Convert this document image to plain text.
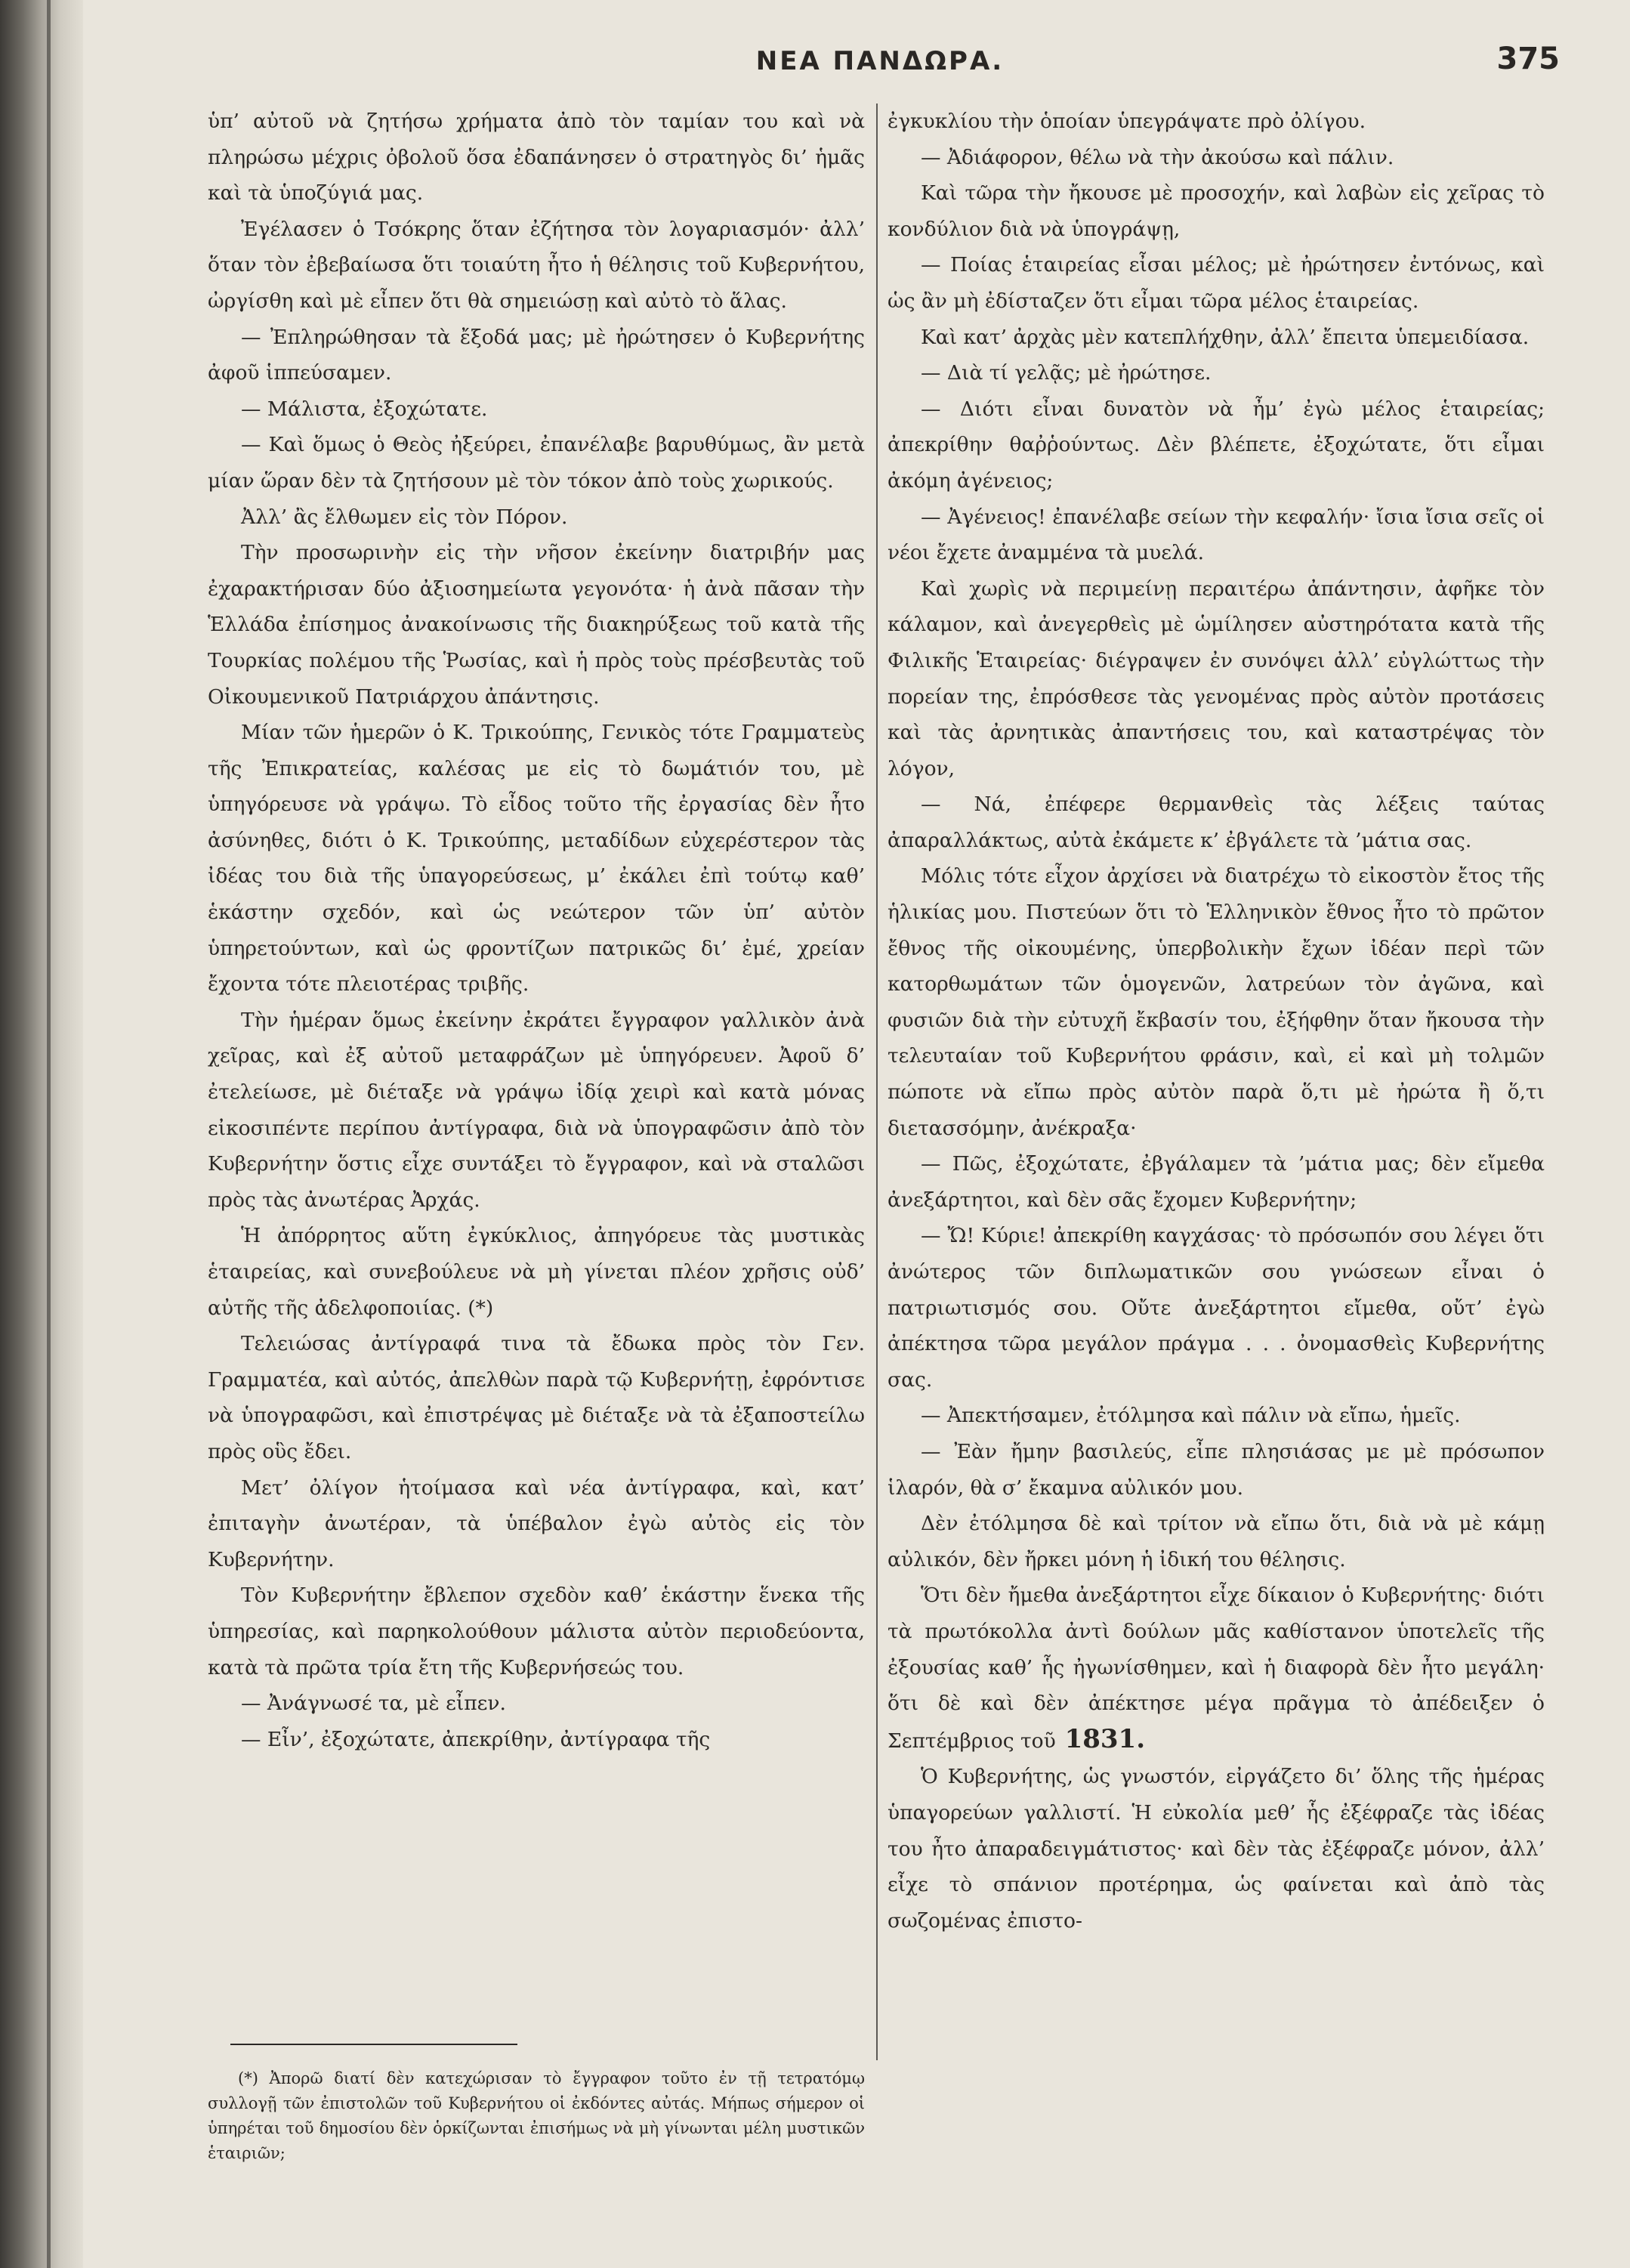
ΝΕΑ ΠΑΝΔΩΡΑ.	375

ὑπ’ αὐτοῦ νὰ ζητήσω χρήματα ἀπὸ τὸν ταμίαν του καὶ νὰ πληρώσω μέχρις ὀβολοῦ ὅσα ἐδαπάνησεν ὁ στρατηγὸς δι’ ἡμᾶς καὶ τὰ ὑποζύγιά μας.

Ἐγέλασεν ὁ Τσόκρης ὅταν ἐζήτησα τὸν λογαριασμόν· ἀλλ’ ὅταν τὸν ἐβεβαίωσα ὅτι τοιαύτη ἦτο ἡ θέλησις τοῦ Κυβερνήτου, ὠργίσθη καὶ μὲ εἶπεν ὅτι θὰ σημειώσῃ καὶ αὐτὸ τὸ ἅλας.

— Ἐπληρώθησαν τὰ ἔξοδά μας; μὲ ἠρώτησεν ὁ Κυβερνήτης ἀφοῦ ἱππεύσαμεν.

— Μάλιστα, ἐξοχώτατε.

— Καὶ ὅμως ὁ Θεὸς ἠξεύρει, ἐπανέλαβε βαρυθύμως, ἂν μετὰ μίαν ὥραν δὲν τὰ ζητήσουν μὲ τὸν τόκον ἀπὸ τοὺς χωρικούς.

Ἀλλ’ ἂς ἔλθωμεν εἰς τὸν Πόρον.

Τὴν προσωρινὴν εἰς τὴν νῆσον ἐκείνην διατριβήν μας ἐχαρακτήρισαν δύο ἀξιοσημείωτα γεγονότα· ἡ ἀνὰ πᾶσαν τὴν Ἑλλάδα ἐπίσημος ἀνακοίνωσις τῆς διακηρύξεως τοῦ κατὰ τῆς Τουρκίας πολέμου τῆς Ῥωσίας, καὶ ἡ πρὸς τοὺς πρέσβευτὰς τοῦ Οἰκουμενικοῦ Πατριάρχου ἀπάντησις.

Μίαν τῶν ἡμερῶν ὁ Κ. Τρικούπης, Γενικὸς τότε Γραμματεὺς τῆς Ἐπικρατείας, καλέσας με εἰς τὸ δωμάτιόν του, μὲ ὑπηγόρευσε νὰ γράψω. Τὸ εἶδος τοῦτο τῆς ἐργασίας δὲν ἦτο ἀσύνηθες, διότι ὁ Κ. Τρικούπης, μεταδίδων εὐχερέστερον τὰς ἰδέας του διὰ τῆς ὑπαγορεύσεως, μ’ ἐκάλει ἐπὶ τούτῳ καθ’ ἑκάστην σχεδόν, καὶ ὡς νεώτερον τῶν ὑπ’ αὐτὸν ὑπηρετούντων, καὶ ὡς φροντίζων πατρικῶς δι’ ἐμέ, χρείαν ἔχοντα τότε πλειοτέρας τριβῆς.

Τὴν ἡμέραν ὅμως ἐκείνην ἐκράτει ἔγγραφον γαλλικὸν ἀνὰ χεῖρας, καὶ ἐξ αὐτοῦ μεταφράζων μὲ ὑπηγόρευεν. Ἀφοῦ δ’ ἐτελείωσε, μὲ διέταξε νὰ γράψω ἰδίᾳ χειρὶ καὶ κατὰ μόνας εἰκοσιπέντε περίπου ἀντίγραφα, διὰ νὰ ὑπογραφῶσιν ἀπὸ τὸν Κυβερνήτην ὅστις εἶχε συντάξει τὸ ἔγγραφον, καὶ νὰ σταλῶσι πρὸς τὰς ἀνωτέρας Ἀρχάς.

Ἡ ἀπόρρητος αὕτη ἐγκύκλιος, ἀπηγόρευε τὰς μυστικὰς ἑταιρείας, καὶ συνεβούλευε νὰ μὴ γίνεται πλέον χρῆσις οὐδ’ αὐτῆς τῆς ἀδελφοποιίας. (*)

Τελειώσας ἀντίγραφά τινα τὰ ἔδωκα πρὸς τὸν Γεν. Γραμματέα, καὶ αὐτός, ἀπελθὼν παρὰ τῷ Κυβερνήτῃ, ἐφρόντισε νὰ ὑπογραφῶσι, καὶ ἐπιστρέψας μὲ διέταξε νὰ τὰ ἐξαποστείλω πρὸς οὓς ἔδει.

Μετ’ ὀλίγον ἡτοίμασα καὶ νέα ἀντίγραφα, καὶ, κατ’ ἐπιταγὴν ἀνωτέραν, τὰ ὑπέβαλον ἐγὼ αὐτὸς εἰς τὸν Κυβερνήτην.

Τὸν Κυβερνήτην ἔβλεπον σχεδὸν καθ’ ἑκάστην ἕνεκα τῆς ὑπηρεσίας, καὶ παρηκολούθουν μάλιστα αὐτὸν περιοδεύοντα, κατὰ τὰ πρῶτα τρία ἔτη τῆς Κυβερνήσεώς του.

— Ἀνάγνωσέ τα, μὲ εἶπεν.

— Εἶν’, ἐξοχώτατε, ἀπεκρίθην, ἀντίγραφα τῆς

ἐγκυκλίου τὴν ὁποίαν ὑπεγράψατε πρὸ ὀλίγου.

— Ἀδιάφορον, θέλω νὰ τὴν ἀκούσω καὶ πάλιν.

Καὶ τῶρα τὴν ἤκουσε μὲ προσοχήν, καὶ λαβὼν εἰς χεῖρας τὸ κονδύλιον διὰ νὰ ὑπογράψῃ,

— Ποίας ἑταιρείας εἶσαι μέλος; μὲ ἠρώτησεν ἐντόνως, καὶ ὡς ἂν μὴ ἐδίσταζεν ὅτι εἶμαι τῶρα μέλος ἑταιρείας.

Καὶ κατ’ ἀρχὰς μὲν κατεπλήχθην, ἀλλ’ ἔπειτα ὑπεμειδίασα.

— Διὰ τί γελᾷς; μὲ ἠρώτησε.

— Διότι εἶναι δυνατὸν νὰ ἦμ’ ἐγὼ μέλος ἑταιρείας; ἀπεκρίθην θαῤῥούντως. Δὲν βλέπετε, ἐξοχώτατε, ὅτι εἶμαι ἀκόμη ἀγένειος;

— Ἀγένειος! ἐπανέλαβε σείων τὴν κεφαλήν· ἴσια ἴσια σεῖς οἱ νέοι ἔχετε ἀναμμένα τὰ μυελά.

Καὶ χωρὶς νὰ περιμείνῃ περαιτέρω ἀπάντησιν, ἀφῆκε τὸν κάλαμον, καὶ ἀνεγερθεὶς μὲ ὡμίλησεν αὐστηρότατα κατὰ τῆς Φιλικῆς Ἑταιρείας· διέγραψεν ἐν συνόψει ἀλλ’ εὐγλώττως τὴν πορείαν της, ἐπρόσθεσε τὰς γενομένας πρὸς αὐτὸν προτάσεις καὶ τὰς ἀρνητικὰς ἀπαντήσεις του, καὶ καταστρέψας τὸν λόγον,

— Νά, ἐπέφερε θερμανθεὶς τὰς λέξεις ταύτας ἀπαραλλάκτως, αὐτὰ ἐκάμετε κ’ ἐβγάλετε τὰ ’μάτια σας.

Μόλις τότε εἶχον ἀρχίσει νὰ διατρέχω τὸ εἰκοστὸν ἔτος τῆς ἡλικίας μου. Πιστεύων ὅτι τὸ Ἑλληνικὸν ἔθνος ἦτο τὸ πρῶτον ἔθνος τῆς οἰκουμένης, ὑπερβολικὴν ἔχων ἰδέαν περὶ τῶν κατορθωμάτων τῶν ὁμογενῶν, λατρεύων τὸν ἀγῶνα, καὶ φυσιῶν διὰ τὴν εὐτυχῆ ἔκβασίν του, ἐξήφθην ὅταν ἤκουσα τὴν τελευταίαν τοῦ Κυβερνήτου φράσιν, καὶ, εἰ καὶ μὴ τολμῶν πώποτε νὰ εἴπω πρὸς αὐτὸν παρὰ ὅ,τι μὲ ἠρώτα ἢ ὅ,τι διετασσόμην, ἀνέκραξα·

— Πῶς, ἐξοχώτατε, ἐβγάλαμεν τὰ ’μάτια μας; δὲν εἴμεθα ἀνεξάρτητοι, καὶ δὲν σᾶς ἔχομεν Κυβερνήτην;

— Ὤ! Κύριε! ἀπεκρίθη καγχάσας· τὸ πρόσωπόν σου λέγει ὅτι ἀνώτερος τῶν διπλωματικῶν σου γνώσεων εἶναι ὁ πατριωτισμός σου. Οὔτε ἀνεξάρτητοι εἴμεθα, οὔτ’ ἐγὼ ἀπέκτησα τῶρα μεγάλον πράγμα . . . ὀνομασθεὶς Κυβερνήτης σας.

— Ἀπεκτήσαμεν, ἐτόλμησα καὶ πάλιν νὰ εἴπω, ἡμεῖς.

— Ἐὰν ἤμην βασιλεύς, εἶπε πλησιάσας με μὲ πρόσωπον ἱλαρόν, θὰ σ’ ἔκαμνα αὐλικόν μου.

Δὲν ἐτόλμησα δὲ καὶ τρίτον νὰ εἴπω ὅτι, διὰ νὰ μὲ κάμῃ αὐλικόν, δὲν ἤρκει μόνη ἡ ἰδική του θέλησις.

Ὅτι δὲν ἤμεθα ἀνεξάρτητοι εἶχε δίκαιον ὁ Κυβερνήτης· διότι τὰ πρωτόκολλα ἀντὶ δούλων μᾶς καθίστανον ὑποτελεῖς τῆς ἐξουσίας καθ’ ἧς ἠγωνίσθημεν, καὶ ἡ διαφορὰ δὲν ἦτο μεγάλη· ὅτι δὲ καὶ δὲν ἀπέκτησε μέγα πρᾶγμα τὸ ἀπέδειξεν ὁ Σεπτέμβριος τοῦ 1831.

Ὁ Κυβερνήτης, ὡς γνωστόν, εἰργάζετο δι’ ὅλης τῆς ἡμέρας ὑπαγορεύων γαλλιστί. Ἡ εὐκολία μεθ’ ἧς ἐξέφραζε τὰς ἰδέας του ἦτο ἀπαραδειγμάτιστος· καὶ δὲν τὰς ἐξέφραζε μόνον, ἀλλ’ εἶχε τὸ σπάνιον προτέρημα, ὡς φαίνεται καὶ ἀπὸ τὰς σωζομένας ἐπιστο-

(*) Ἀπορῶ διατί δὲν κατεχώρισαν τὸ ἔγγραφον τοῦτο ἐν τῇ τετρατόμῳ συλλογῇ τῶν ἐπιστολῶν τοῦ Κυβερνήτου οἱ ἐκδόντες αὐτάς. Μήπως σήμερον οἱ ὑπηρέται τοῦ δημοσίου δὲν ὁρκίζωνται ἐπισήμως νὰ μὴ γίνωνται μέλη μυστικῶν ἑταιριῶν;
